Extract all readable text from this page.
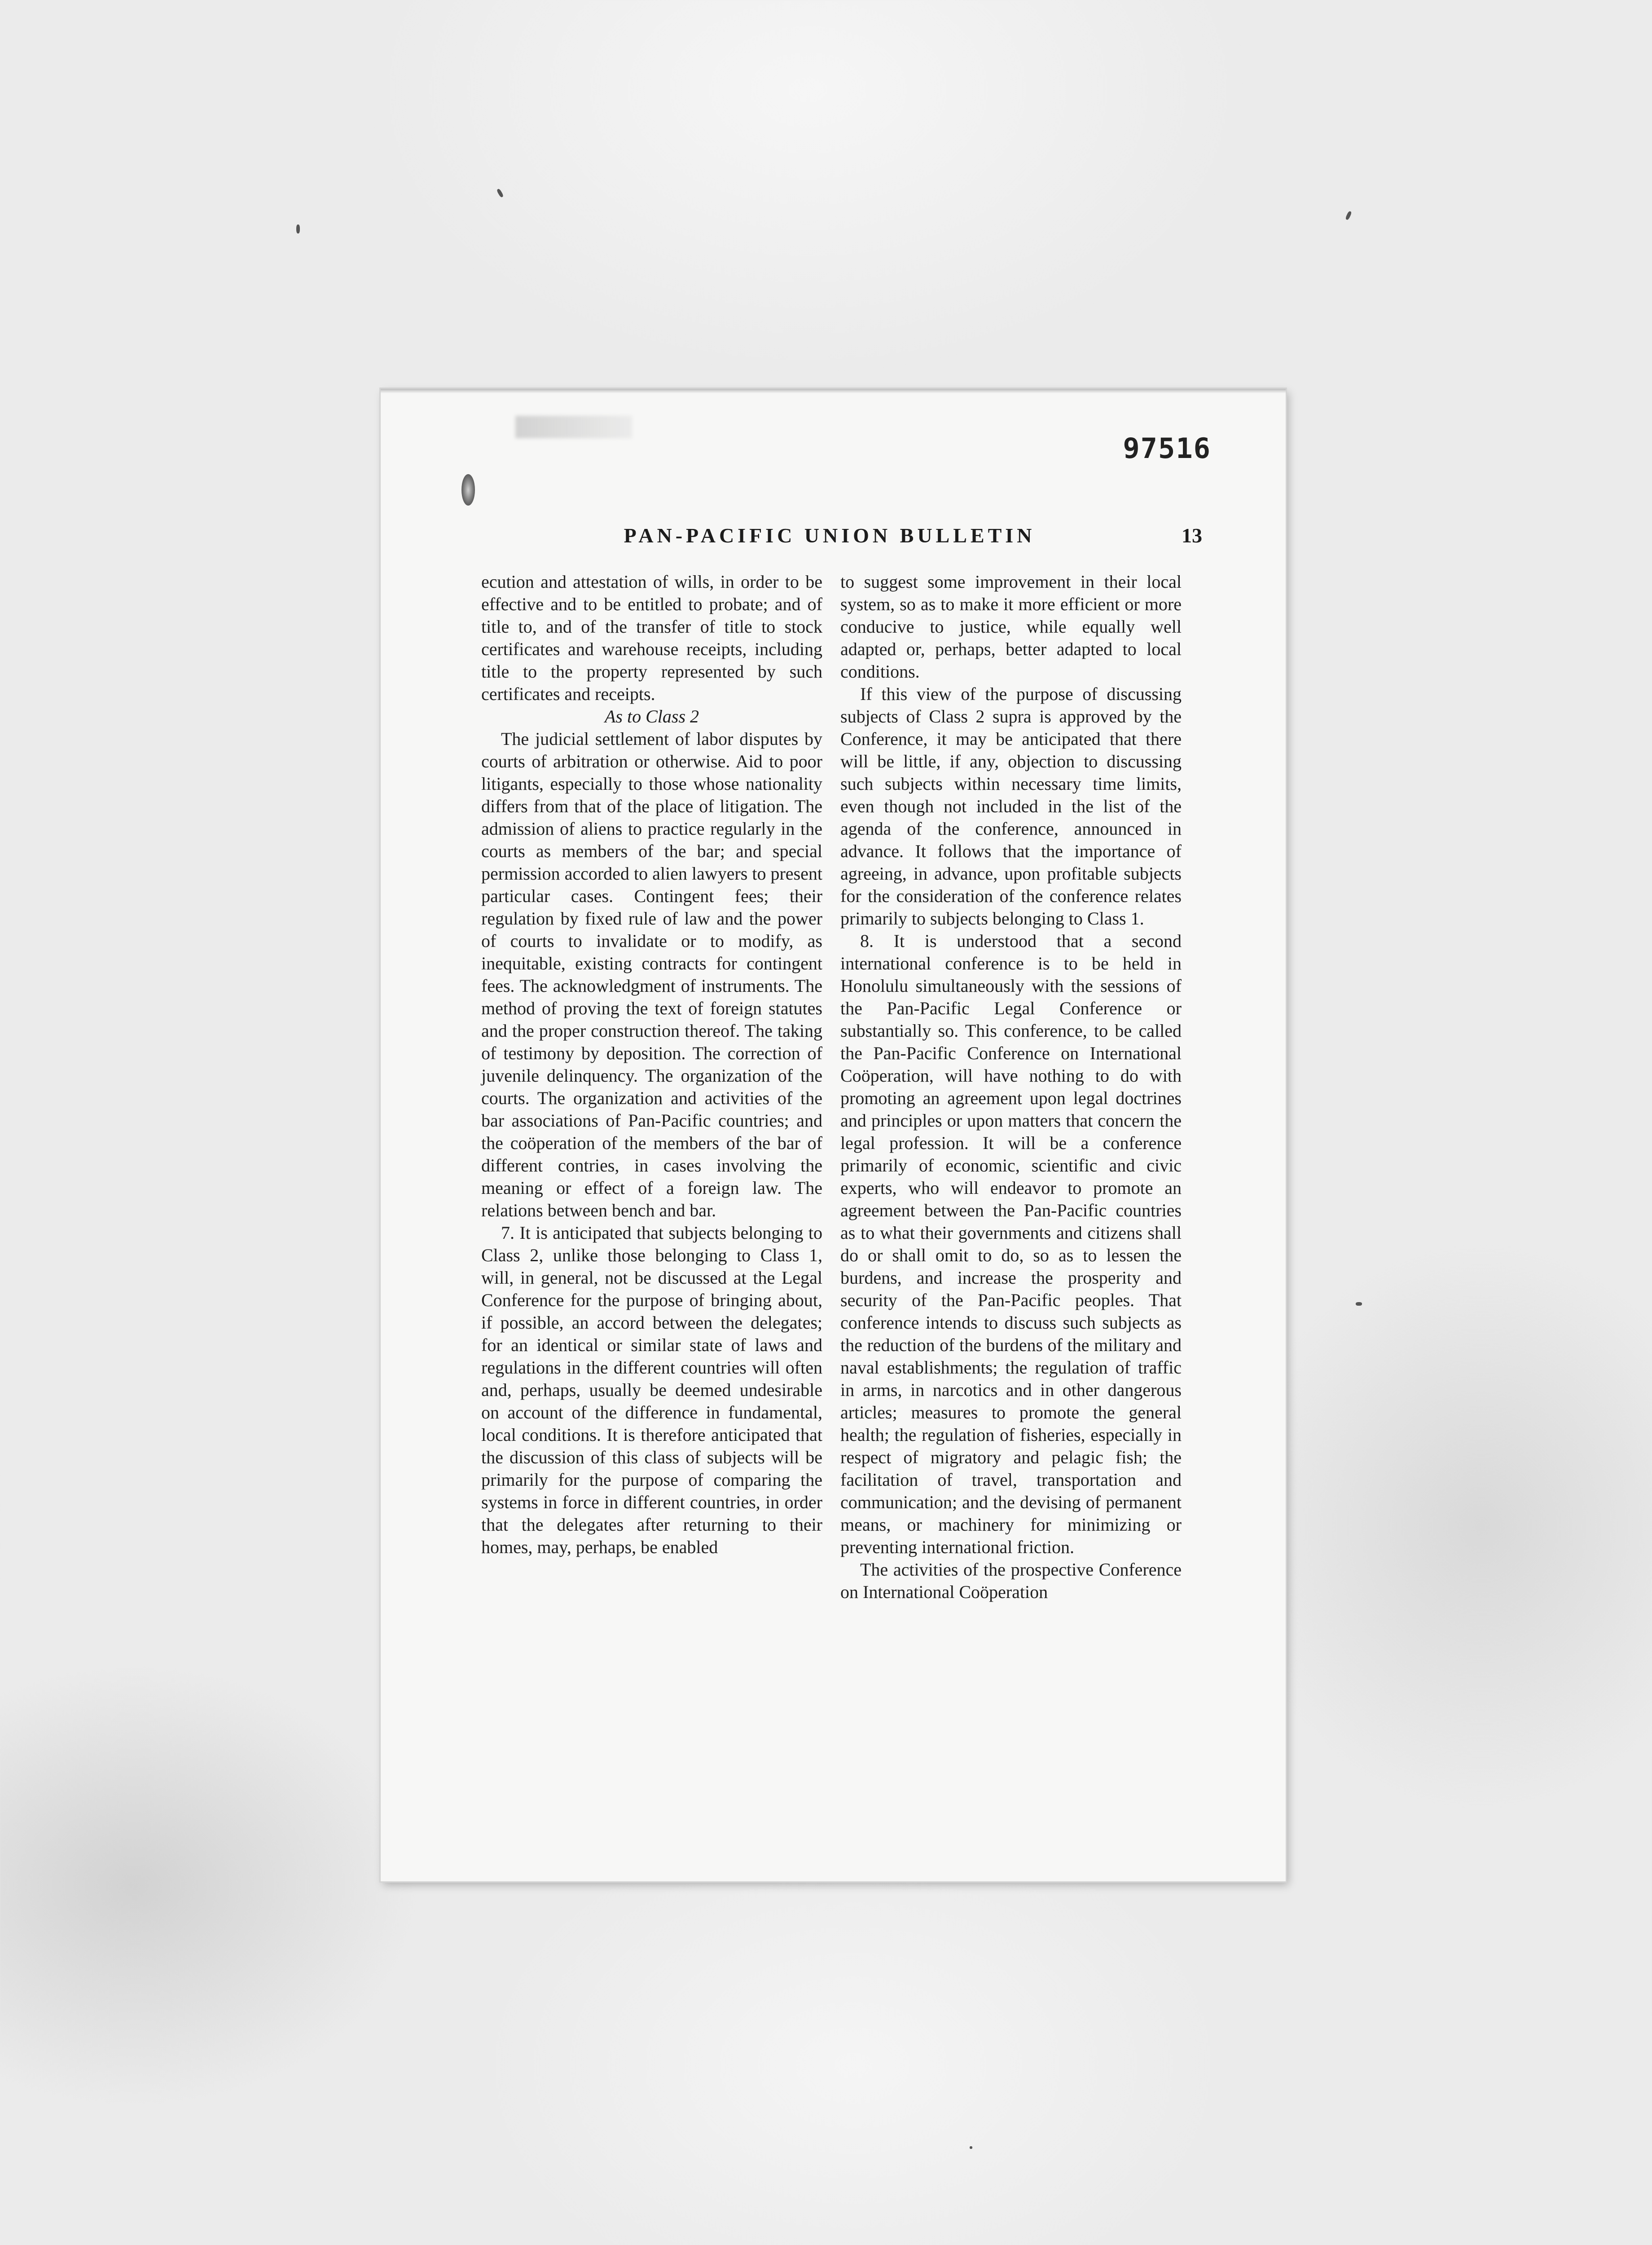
97516
PAN-PACIFIC UNION BULLETIN	13

ecution and attestation of wills, in order to be effective and to be entitled to probate; and of title to, and of the transfer of title to stock certificates and warehouse receipts, including title to the property represented by such certificates and receipts.

As to Class 2

The judicial settlement of labor disputes by courts of arbitration or otherwise. Aid to poor litigants, especially to those whose nationality differs from that of the place of litigation. The admission of aliens to practice regularly in the courts as members of the bar; and special permission accorded to alien lawyers to present particular cases. Contingent fees; their regulation by fixed rule of law and the power of courts to invalidate or to modify, as inequitable, existing contracts for contingent fees. The acknowledgment of instruments. The method of proving the text of foreign statutes and the proper construction thereof. The taking of testimony by deposition. The correction of juvenile delinquency. The organization of the courts. The organization and activities of the bar associations of Pan-Pacific countries; and the coöperation of the members of the bar of different contries, in cases involving the meaning or effect of a foreign law. The relations between bench and bar.

7. It is anticipated that subjects belonging to Class 2, unlike those belonging to Class 1, will, in general, not be discussed at the Legal Conference for the purpose of bringing about, if possible, an accord between the delegates; for an identical or similar state of laws and regulations in the different countries will often and, perhaps, usually be deemed undesirable on account of the difference in fundamental, local conditions. It is therefore anticipated that the discussion of this class of subjects will be primarily for the purpose of comparing the systems in force in different countries, in order that the delegates after returning to their homes, may, perhaps, be enabled

to suggest some improvement in their local system, so as to make it more efficient or more conducive to justice, while equally well adapted or, perhaps, better adapted to local conditions.

If this view of the purpose of discussing subjects of Class 2 supra is approved by the Conference, it may be anticipated that there will be little, if any, objection to discussing such subjects within necessary time limits, even though not included in the list of the agenda of the conference, announced in advance. It follows that the importance of agreeing, in advance, upon profitable subjects for the consideration of the conference relates primarily to subjects belonging to Class 1.

8. It is understood that a second international conference is to be held in Honolulu simultaneously with the sessions of the Pan-Pacific Legal Conference or substantially so. This conference, to be called the Pan-Pacific Conference on International Coöperation, will have nothing to do with promoting an agreement upon legal doctrines and principles or upon matters that concern the legal profession. It will be a conference primarily of economic, scientific and civic experts, who will endeavor to promote an agreement between the Pan-Pacific countries as to what their governments and citizens shall do or shall omit to do, so as to lessen the burdens, and increase the prosperity and security of the Pan-Pacific peoples. That conference intends to discuss such subjects as the reduction of the burdens of the military and naval establishments; the regulation of traffic in arms, in narcotics and in other dangerous articles; measures to promote the general health; the regulation of fisheries, especially in respect of migratory and pelagic fish; the facilitation of travel, transportation and communication; and the devising of permanent means, or machinery for minimizing or preventing international friction.

The activities of the prospective Conference on International Coöperation
